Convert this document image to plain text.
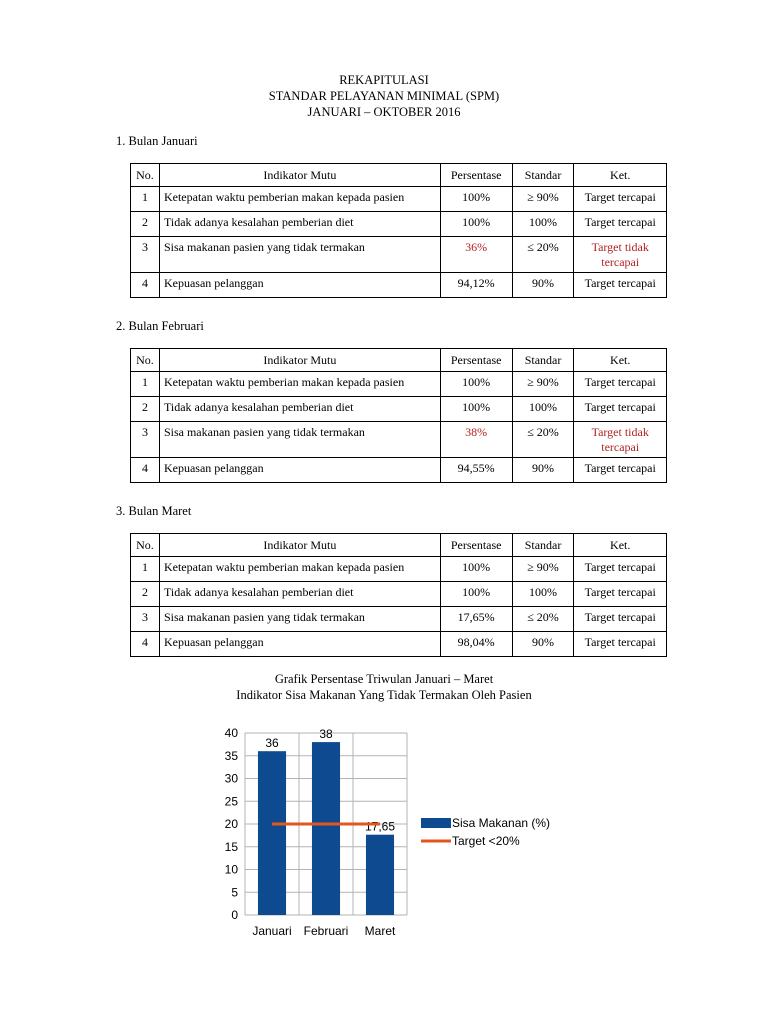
REKAPITULASI
STANDAR PELAYANAN MINIMAL (SPM)
JANUARI – OKTOBER 2016
1. Bulan Januari
No.	Indikator Mutu	Persentase	Standar	Ket.
1	Ketepatan waktu pemberian makan kepada pasien	100%	≥ 90%	Target tercapai
2	Tidak adanya kesalahan pemberian diet	100%	100%	Target tercapai
3	Sisa makanan pasien yang tidak termakan	36%	≤ 20%	Target tidak tercapai
4	Kepuasan pelanggan	94,12%	90%	Target tercapai
2. Bulan Februari
No.	Indikator Mutu	Persentase	Standar	Ket.
1	Ketepatan waktu pemberian makan kepada pasien	100%	≥ 90%	Target tercapai
2	Tidak adanya kesalahan pemberian diet	100%	100%	Target tercapai
3	Sisa makanan pasien yang tidak termakan	38%	≤ 20%	Target tidak tercapai
4	Kepuasan pelanggan	94,55%	90%	Target tercapai
3. Bulan Maret
No.	Indikator Mutu	Persentase	Standar	Ket.
1	Ketepatan waktu pemberian makan kepada pasien	100%	≥ 90%	Target tercapai
2	Tidak adanya kesalahan pemberian diet	100%	100%	Target tercapai
3	Sisa makanan pasien yang tidak termakan	17,65%	≤ 20%	Target tercapai
4	Kepuasan pelanggan	98,04%	90%	Target tercapai
Grafik Persentase Triwulan Januari – Maret
Indikator Sisa Makanan Yang Tidak Termakan Oleh Pasien
0
5
10
15
20
25
30
35
40
36
Januari
38
Februari
17,65
Maret
Sisa Makanan (%)
Target <20%
